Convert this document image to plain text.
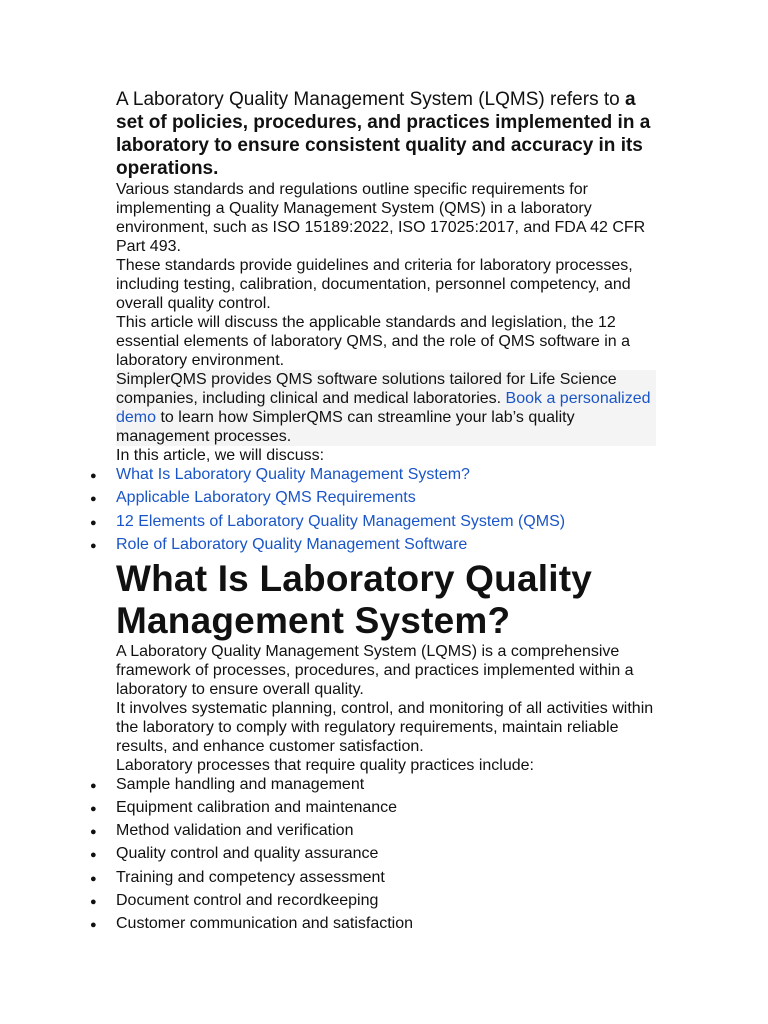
A Laboratory Quality Management System (LQMS) refers to a set of policies, procedures, and practices implemented in a laboratory to ensure consistent quality and accuracy in its operations.

Various standards and regulations outline specific requirements for implementing a Quality Management System (QMS) in a laboratory environment, such as ISO 15189:2022, ISO 17025:2017, and FDA 42 CFR Part 493.

These standards provide guidelines and criteria for laboratory processes, including testing, calibration, documentation, personnel competency, and overall quality control.

This article will discuss the applicable standards and legislation, the 12 essential elements of laboratory QMS, and the role of QMS software in a laboratory environment.

SimplerQMS provides QMS software solutions tailored for Life Science companies, including clinical and medical laboratories. Book a personalized demo to learn how SimplerQMS can streamline your lab’s quality management processes.

In this article, we will discuss:

● What Is Laboratory Quality Management System?
● Applicable Laboratory QMS Requirements
● 12 Elements of Laboratory Quality Management System (QMS)
● Role of Laboratory Quality Management Software
What Is Laboratory Quality Management System?

A Laboratory Quality Management System (LQMS) is a comprehensive framework of processes, procedures, and practices implemented within a laboratory to ensure overall quality.

It involves systematic planning, control, and monitoring of all activities within the laboratory to comply with regulatory requirements, maintain reliable results, and enhance customer satisfaction.

Laboratory processes that require quality practices include:

● Sample handling and management
● Equipment calibration and maintenance
● Method validation and verification
● Quality control and quality assurance
● Training and competency assessment
● Document control and recordkeeping
● Customer communication and satisfaction
